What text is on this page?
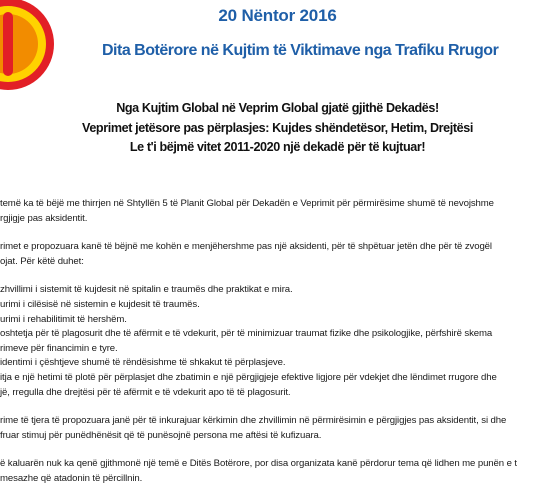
20 Nëntor 2016
Dita Botërore në Kujtim të Viktimave nga Trafiku Rrugor
Nga Kujtim Global në Veprim Global gjatë gjithë Dekadës!
Veprimet jetësore pas përplasjes: Kujdes shëndetësor, Hetim, Drejtësi
Le t'i bëjmë vitet 2011-2020 një dekadë për të kujtuar!

temë ka të bëjë me thirrjen në Shtyllën 5 të Planit Global për Dekadën e Veprimit për përmirësime shumë të nevojshme

rgjigje pas aksidentit.

rimet e propozuara kanë të bëjnë me kohën e menjëhershme pas një aksidenti, për të shpëtuar jetën dhe për të zvogël

ojat. Për këtë duhet:

zhvillimi i sistemit të kujdesit në spitalin e traumës dhe praktikat e mira.

urimi i cilësisë në sistemin e kujdesit të traumës.

urimi i rehabilitimit të hershëm.

oshtetja për të plagosurit dhe të afërmit e të vdekurit, për të minimizuar traumat fizike dhe psikologjike, përfshirë skema

rimeve për financimin e tyre.

identimi i çështjeve shumë të rëndësishme të shkakut të përplasjeve.

itja e një hetimi të plotë për përplasjet dhe zbatimin e një përgjigjeje efektive ligjore për vdekjet dhe lëndimet rrugore dhe

jë, rregulla dhe drejtësi për të afërmit e të vdekurit apo të të plagosurit.

rime të tjera të propozuara janë për të inkurajuar kërkimin dhe zhvillimin në përmirësimin e përgjigjes pas aksidentit, si dhe

fruar stimuj për punëdhënësit që të punësojnë persona me aftësi të kufizuara.

ë kaluarën nuk ka qenë gjithmonë një temë e Ditës Botërore, por disa organizata kanë përdorur tema që lidhen me punën e t

mesazhe që atadonin të përcillnin.
